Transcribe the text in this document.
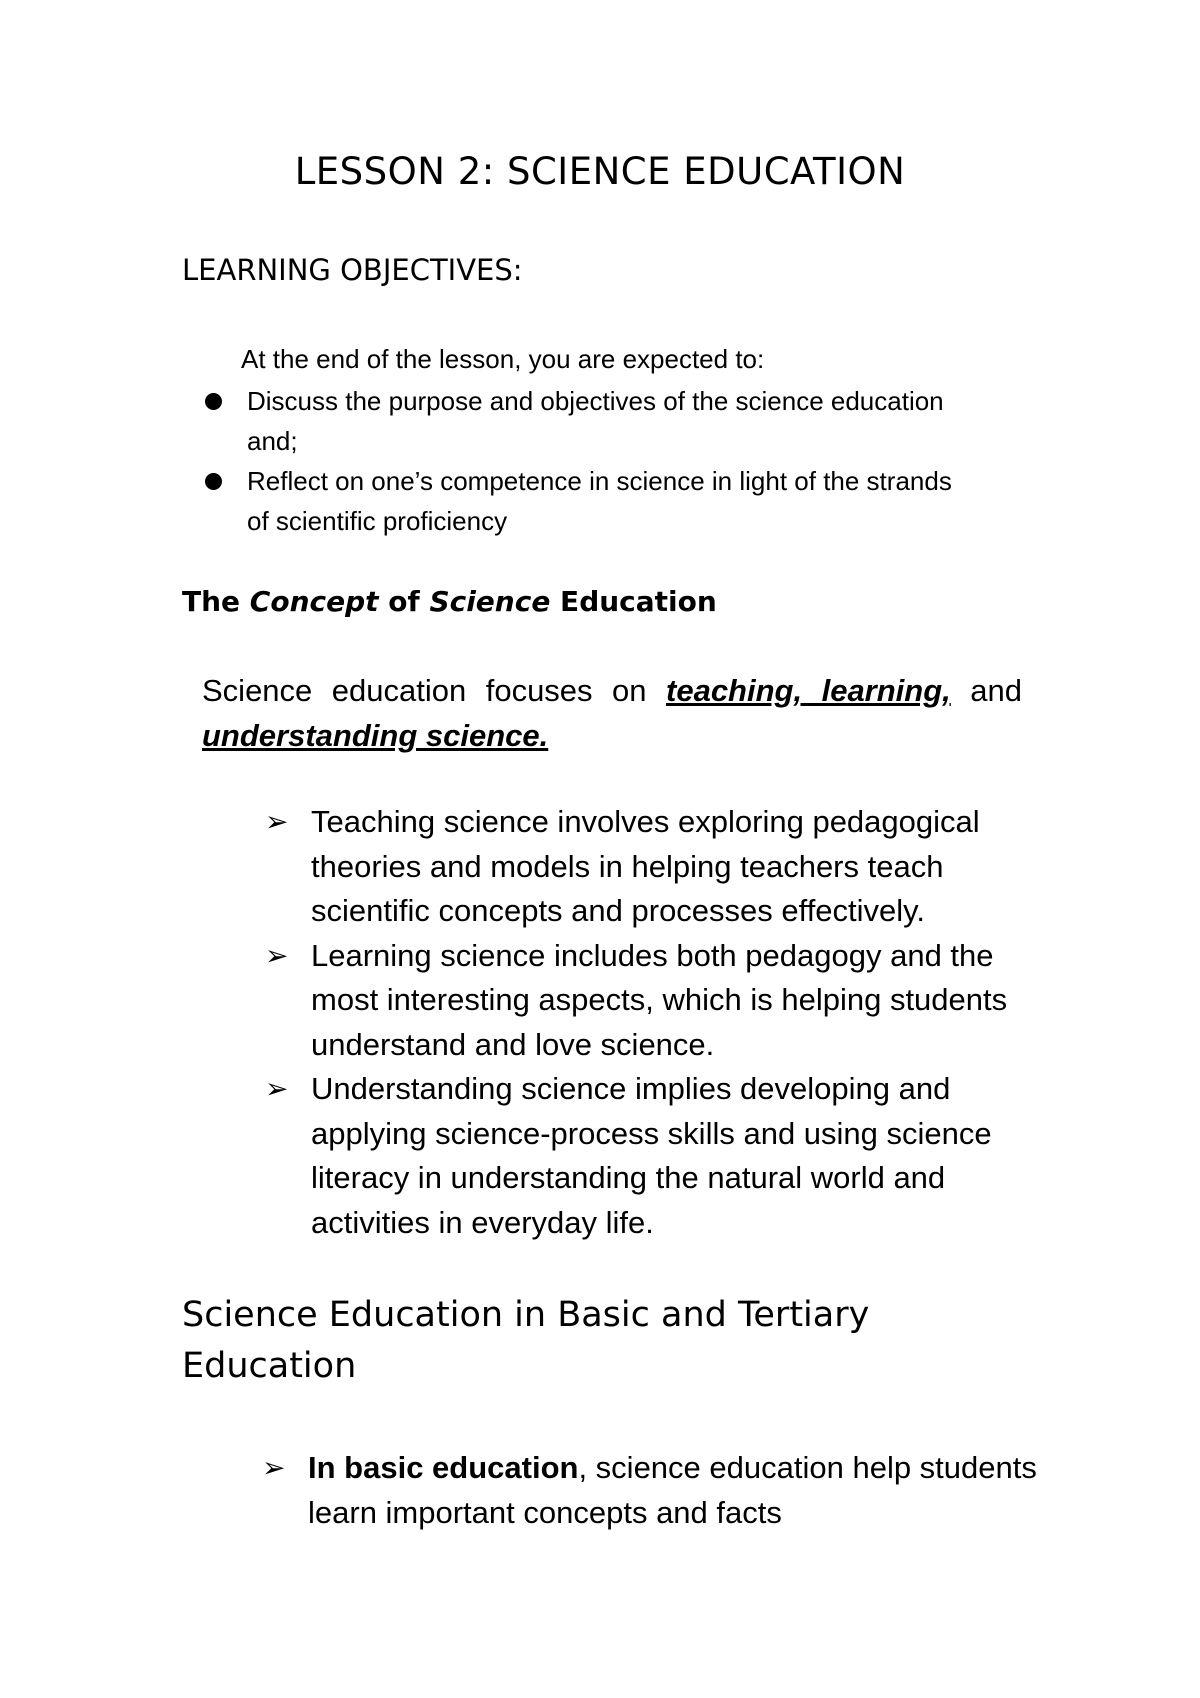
LESSON 2: SCIENCE EDUCATION
LEARNING OBJECTIVES:
At the end of the lesson, you are expected to:
Discuss the purpose and objectives of the science education and;
Reflect on one’s competence in science in light of the strands of scientific proficiency
The Concept of Science Education
Science education focuses on teaching, learning, and understanding science.
➢ Teaching science involves exploring pedagogical theories and models in helping teachers teach scientific concepts and processes effectively.
➢ Learning science includes both pedagogy and the most interesting aspects, which is helping students understand and love science.
➢ Understanding science implies developing and applying science-process skills and using science literacy in understanding the natural world and activities in everyday life.
Science Education in Basic and Tertiary Education
➢ In basic education, science education help students learn important concepts and facts
